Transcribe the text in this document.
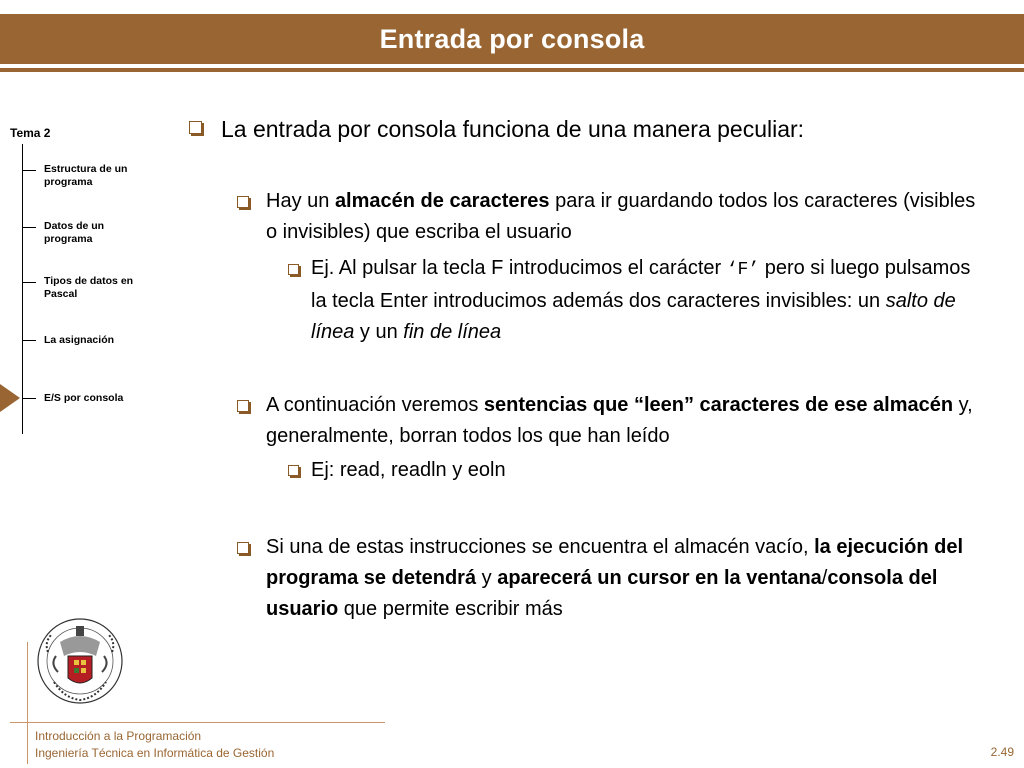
Entrada por consola
Tema 2
Estructura de un programa
Datos de un programa
Tipos de datos en Pascal
La asignación
E/S por consola
La entrada por consola funciona de una manera peculiar:
Hay un almacén de caracteres para ir guardando todos los caracteres (visibles o invisibles) que escriba el usuario
Ej. Al pulsar la tecla F introducimos el carácter ‘F’ pero si luego pulsamos la tecla Enter introducimos además dos caracteres invisibles: un salto de línea y un fin de línea
A continuación veremos sentencias que “leen” caracteres de ese almacén y, generalmente, borran todos los que han leído
Ej: read, readln y eoln
Si una de estas instrucciones se encuentra el almacén vacío, la ejecución del programa se detendrá y aparecerá un cursor en la ventana/consola del usuario que permite escribir más
Introducción a la Programación
Ingeniería Técnica en Informática de Gestión	2.49
